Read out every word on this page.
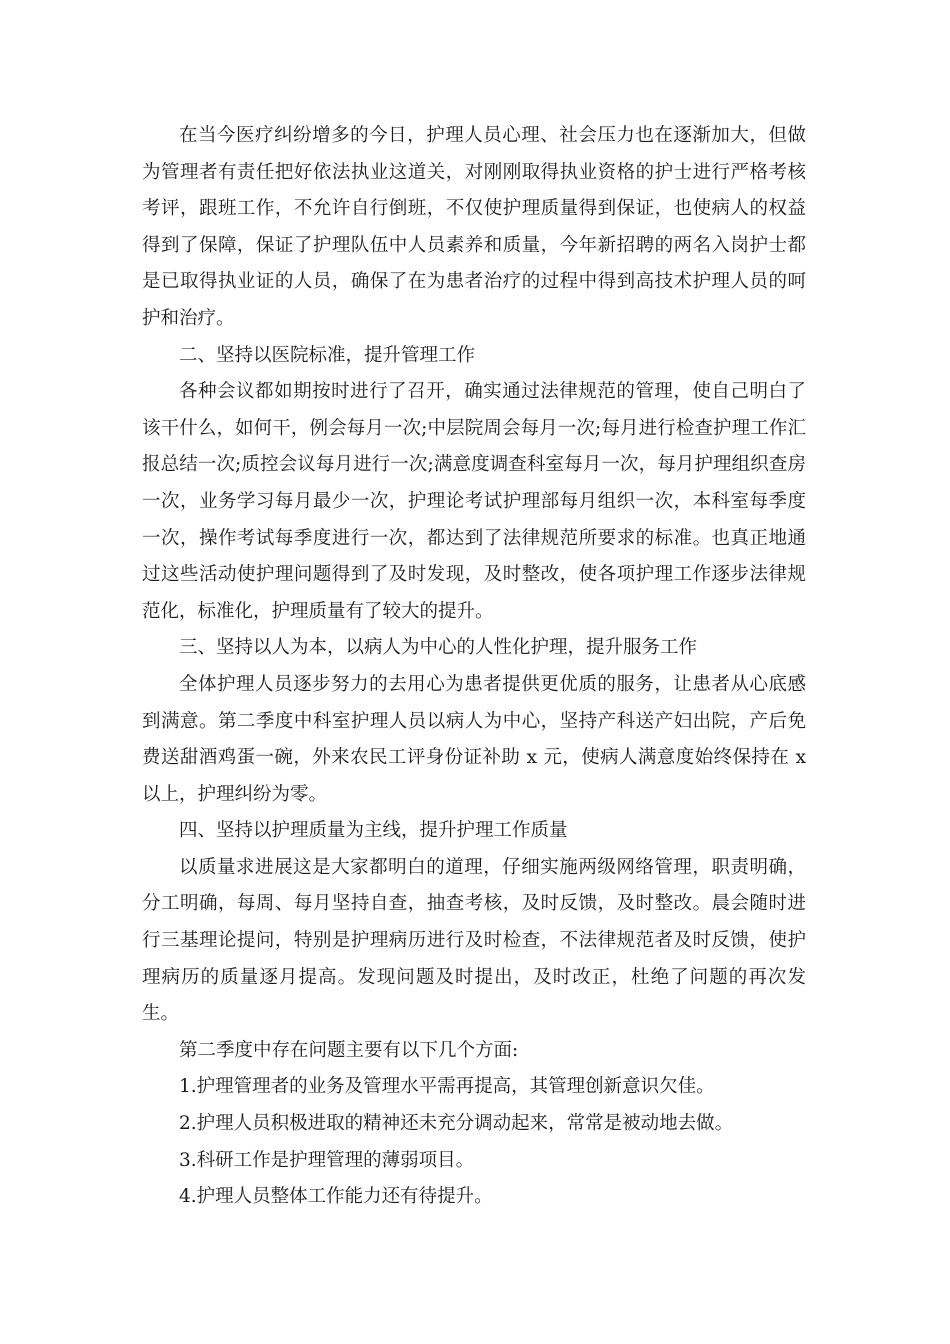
在当今医疗纠纷增多的今日，护理人员心理、社会压力也在逐渐加大，但做为管理者有责任把好依法执业这道关，对刚刚取得执业资格的护士进行严格考核考评，跟班工作，不允许自行倒班，不仅使护理质量得到保证，也使病人的权益得到了保障，保证了护理队伍中人员素养和质量，今年新招聘的两名入岗护士都是已取得执业证的人员，确保了在为患者治疗的过程中得到高技术护理人员的呵护和治疗。

二、坚持以医院标准，提升管理工作

各种会议都如期按时进行了召开，确实通过法律规范的管理，使自己明白了该干什么，如何干，例会每月一次;中层院周会每月一次;每月进行检查护理工作汇报总结一次;质控会议每月进行一次;满意度调查科室每月一次，每月护理组织查房一次，业务学习每月最少一次，护理论考试护理部每月组织一次，本科室每季度一次，操作考试每季度进行一次，都达到了法律规范所要求的标准。也真正地通过这些活动使护理问题得到了及时发现，及时整改，使各项护理工作逐步法律规范化，标准化，护理质量有了较大的提升。

三、坚持以人为本，以病人为中心的人性化护理，提升服务工作

全体护理人员逐步努力的去用心为患者提供更优质的服务，让患者从心底感到满意。第二季度中科室护理人员以病人为中心，坚持产科送产妇出院，产后免费送甜酒鸡蛋一碗，外来农民工评身份证补助 x 元，使病人满意度始终保持在 x 以上，护理纠纷为零。

四、坚持以护理质量为主线，提升护理工作质量

以质量求进展这是大家都明白的道理，仔细实施两级网络管理，职责明确，分工明确，每周、每月坚持自查，抽查考核，及时反馈，及时整改。晨会随时进行三基理论提问，特别是护理病历进行及时检查，不法律规范者及时反馈，使护理病历的质量逐月提高。发现问题及时提出，及时改正，杜绝了问题的再次发生。

第二季度中存在问题主要有以下几个方面:

1.护理管理者的业务及管理水平需再提高，其管理创新意识欠佳。

2.护理人员积极进取的精神还未充分调动起来，常常是被动地去做。

3.科研工作是护理管理的薄弱项目。

4.护理人员整体工作能力还有待提升。
